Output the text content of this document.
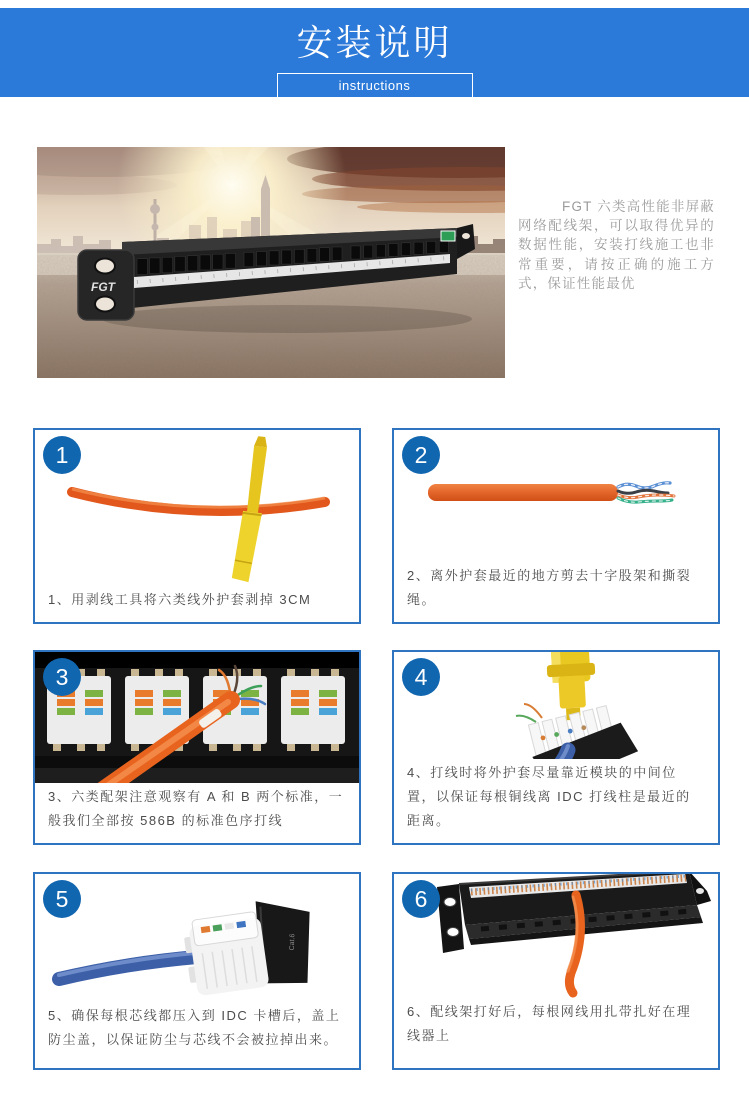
安装说明
instructions
FGT

FGT 六类高性能非屏蔽网络配线架，可以取得优异的数据性能，安装打线施工也非常重要，请按正确的施工方式，保证性能最优

1
1、用剥线工具将六类线外护套剥掉 3CM
2
2、离外护套最近的地方剪去十字股架和撕裂绳。
3
3、六类配架注意观察有 A 和 B 两个标准，一般我们全部按 586B 的标准色序打线
4
4、打线时将外护套尽量靠近模块的中间位置，以保证每根铜线离 IDC 打线柱是最近的距离。
5
Cat.6
5、确保每根芯线都压入到 IDC 卡槽后，盖上防尘盖，以保证防尘与芯线不会被拉掉出来。
6
6、配线架打好后，每根网线用扎带扎好在理线器上
